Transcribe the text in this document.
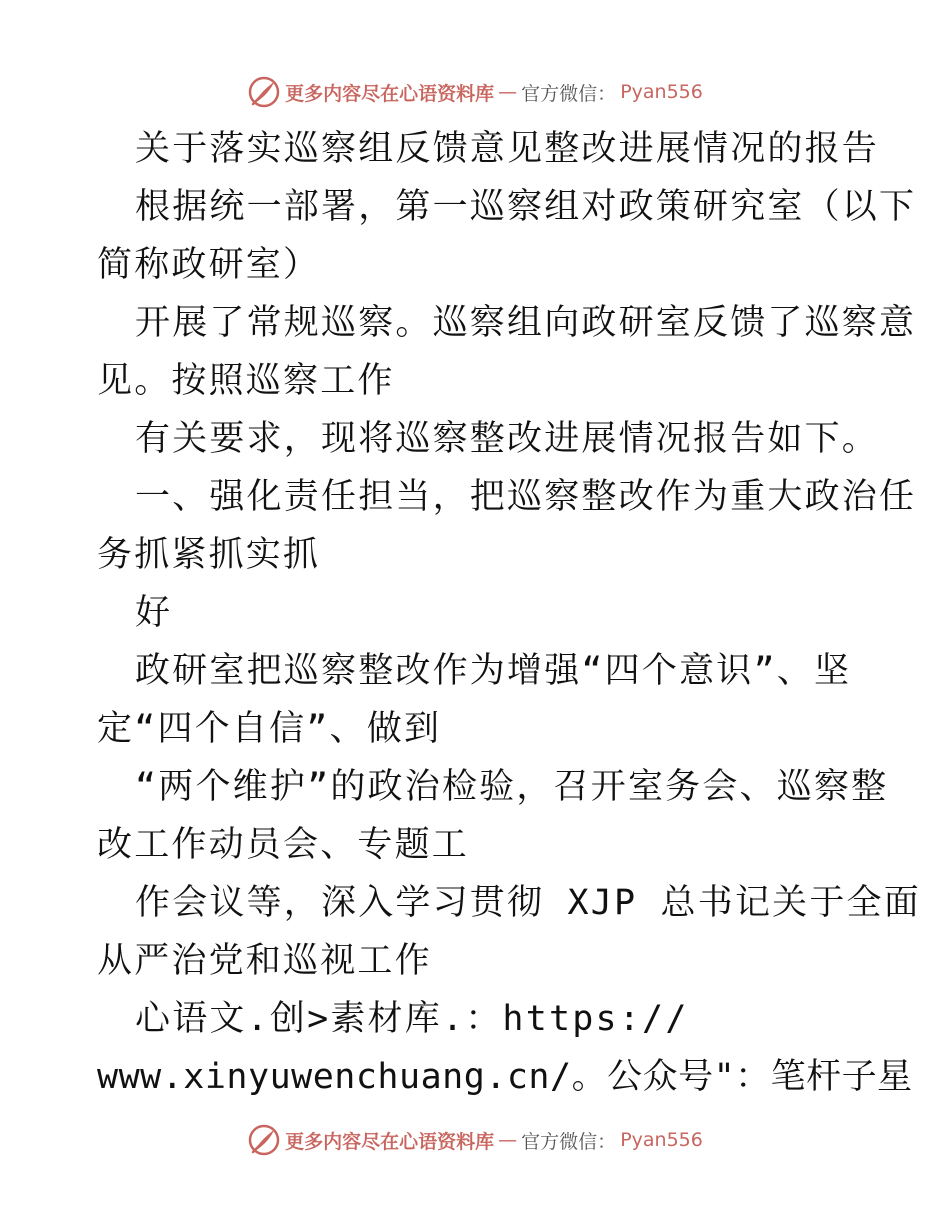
更多内容尽在心语资料库 — 官方微信： Pyan556
关于落实巡察组反馈意见整改进展情况的报告
根据统一部署，第一巡察组对政策研究室（以下
简称政研室）
开展了常规巡察。巡察组向政研室反馈了巡察意
见。按照巡察工作
有关要求，现将巡察整改进展情况报告如下。
一、强化责任担当，把巡察整改作为重大政治任
务抓紧抓实抓
好
政研室把巡察整改作为增强“四个意识”、坚
定“四个自信”、做到
“两个维护”的政治检验，召开室务会、巡察整
改工作动员会、专题工
作会议等，深入学习贯彻 XJP 总书记关于全面
从严治党和巡视工作
心语文.创>素材库.：https://
www.xinyuwenchuang.cn/。公众号"：笔杆子星
更多内容尽在心语资料库 — 官方微信： Pyan556
